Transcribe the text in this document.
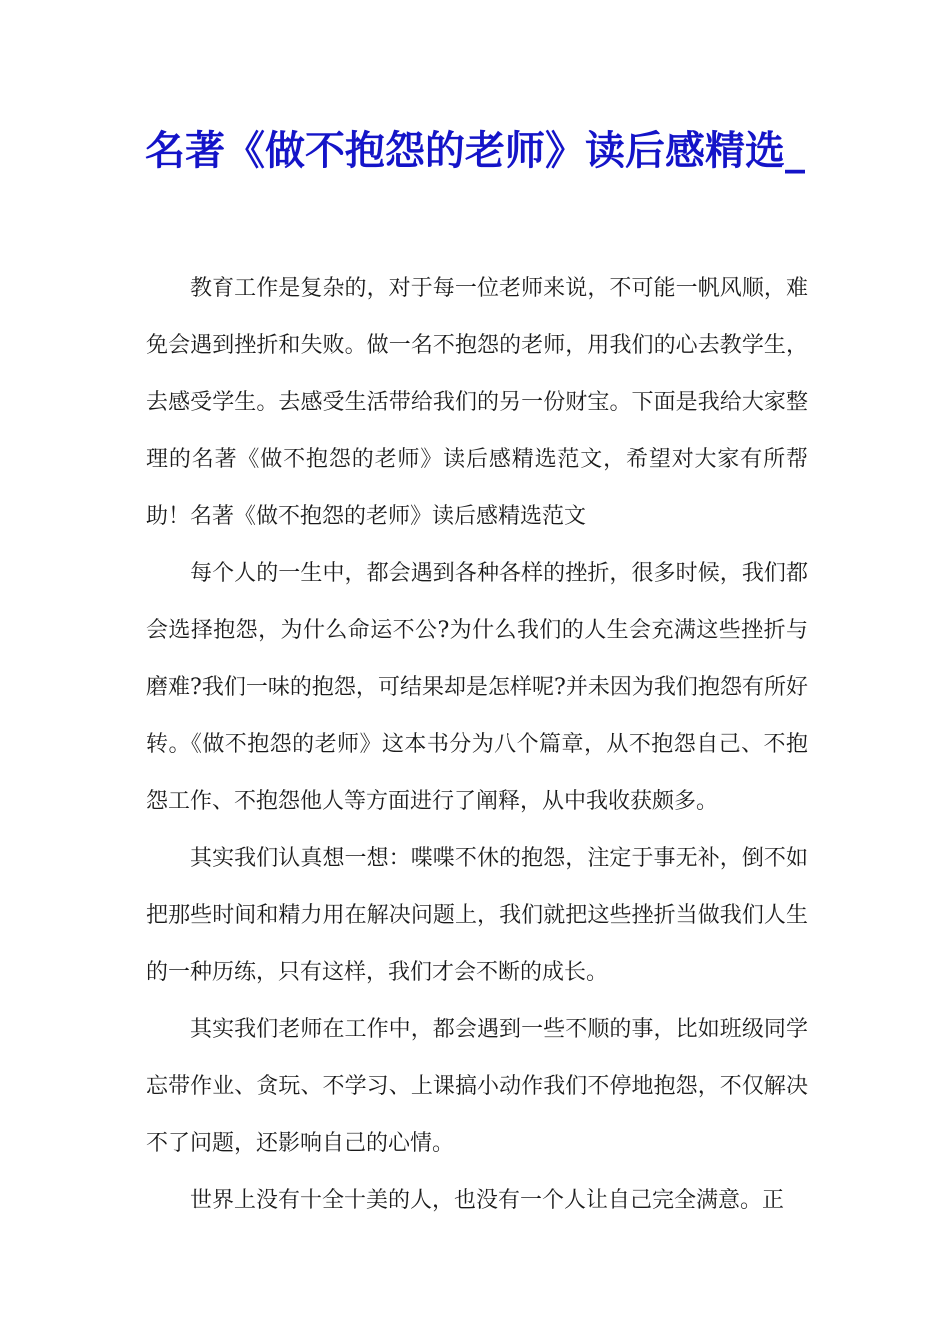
名著《做不抱怨的老师》读后感精选_

教育工作是复杂的，对于每一位老师来说，不可能一帆风顺，难免会遇到挫折和失败。做一名不抱怨的老师，用我们的心去教学生，去感受学生。去感受生活带给我们的另一份财宝。下面是我给大家整理的名著《做不抱怨的老师》读后感精选范文，希望对大家有所帮助！名著《做不抱怨的老师》读后感精选范文

每个人的一生中，都会遇到各种各样的挫折，很多时候，我们都会选择抱怨，为什么命运不公?为什么我们的人生会充满这些挫折与磨难?我们一味的抱怨，可结果却是怎样呢?并未因为我们抱怨有所好转。《做不抱怨的老师》这本书分为八个篇章，从不抱怨自己、不抱怨工作、不抱怨他人等方面进行了阐释，从中我收获颇多。

其实我们认真想一想：喋喋不休的抱怨，注定于事无补，倒不如把那些时间和精力用在解决问题上，我们就把这些挫折当做我们人生的一种历练，只有这样，我们才会不断的成长。

其实我们老师在工作中，都会遇到一些不顺的事，比如班级同学忘带作业、贪玩、不学习、上课搞小动作我们不停地抱怨，不仅解决不了问题，还影响自己的心情。

世界上没有十全十美的人，也没有一个人让自己完全满意。正
